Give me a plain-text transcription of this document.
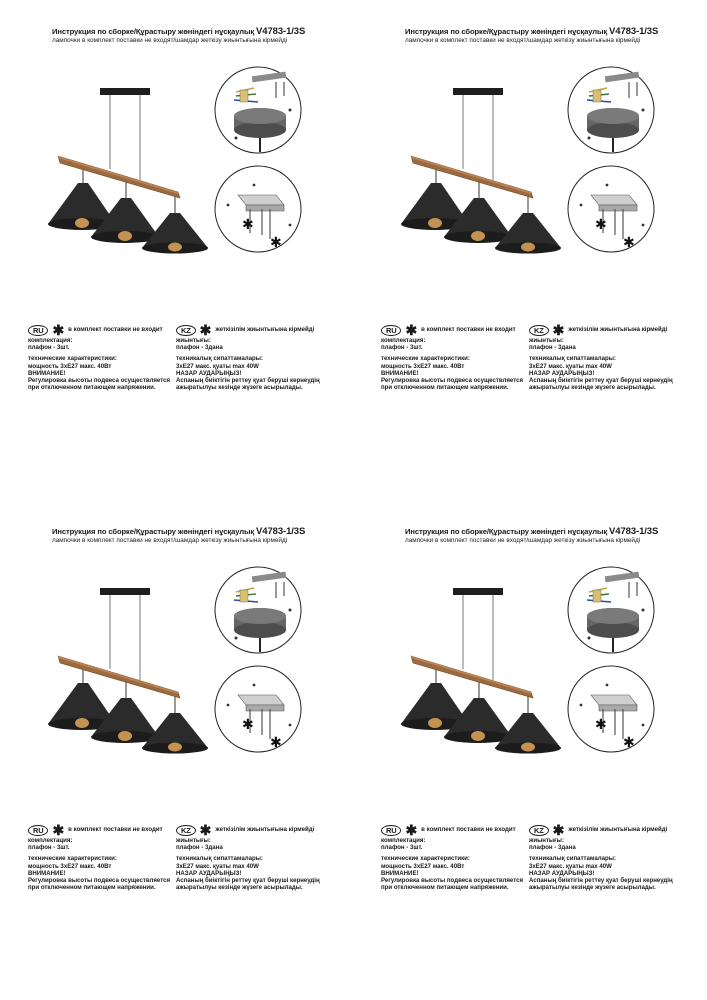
Инструкция по сборке/Құрастыру жөніндегі нұсқаулық V4783-1/3S
лампочки в комплект поставки не входят/шамдар жеткізу жиынтығына кірмейді
✱
✱
RU ✱ в комплект поставки не входит
комплектация:
плафон - 3шт.
технические характеристики:
мощность 3хЕ27 макс. 40Вт
ВНИМАНИЕ!
Регулировка высоты подвеса осуществляется
при отключенном питающем напряжении.
KZ ✱ жеткізілім жиынтығына кірмейді
жиынтығы:
плафон - 3дана
техникалық сипаттамалары:
3хЕ27 макс. қуаты max 40W
НАЗАР АУДАРЫҢЫЗ!
Аспаның биіктігін реттеу қуат беруші кернеудің
ажыратылуы кезінде жүзеге асырылады.
Инструкция по сборке/Құрастыру жөніндегі нұсқаулық V4783-1/3S
лампочки в комплект поставки не входят/шамдар жеткізу жиынтығына кірмейді
✱
✱
RU ✱ в комплект поставки не входит
комплектация:
плафон - 3шт.
технические характеристики:
мощность 3хЕ27 макс. 40Вт
ВНИМАНИЕ!
Регулировка высоты подвеса осуществляется
при отключенном питающем напряжении.
KZ ✱ жеткізілім жиынтығына кірмейді
жиынтығы:
плафон - 3дана
техникалық сипаттамалары:
3хЕ27 макс. қуаты max 40W
НАЗАР АУДАРЫҢЫЗ!
Аспаның биіктігін реттеу қуат беруші кернеудің
ажыратылуы кезінде жүзеге асырылады.
Инструкция по сборке/Құрастыру жөніндегі нұсқаулық V4783-1/3S
лампочки в комплект поставки не входят/шамдар жеткізу жиынтығына кірмейді
✱
✱
RU ✱ в комплект поставки не входит
комплектация:
плафон - 3шт.
технические характеристики:
мощность 3хЕ27 макс. 40Вт
ВНИМАНИЕ!
Регулировка высоты подвеса осуществляется
при отключенном питающем напряжении.
KZ ✱ жеткізілім жиынтығына кірмейді
жиынтығы:
плафон - 3дана
техникалық сипаттамалары:
3хЕ27 макс. қуаты max 40W
НАЗАР АУДАРЫҢЫЗ!
Аспаның биіктігін реттеу қуат беруші кернеудің
ажыратылуы кезінде жүзеге асырылады.
Инструкция по сборке/Құрастыру жөніндегі нұсқаулық V4783-1/3S
лампочки в комплект поставки не входят/шамдар жеткізу жиынтығына кірмейді
✱
✱
RU ✱ в комплект поставки не входит
комплектация:
плафон - 3шт.
технические характеристики:
мощность 3хЕ27 макс. 40Вт
ВНИМАНИЕ!
Регулировка высоты подвеса осуществляется
при отключенном питающем напряжении.
KZ ✱ жеткізілім жиынтығына кірмейді
жиынтығы:
плафон - 3дана
техникалық сипаттамалары:
3хЕ27 макс. қуаты max 40W
НАЗАР АУДАРЫҢЫЗ!
Аспаның биіктігін реттеу қуат беруші кернеудің
ажыратылуы кезінде жүзеге асырылады.
